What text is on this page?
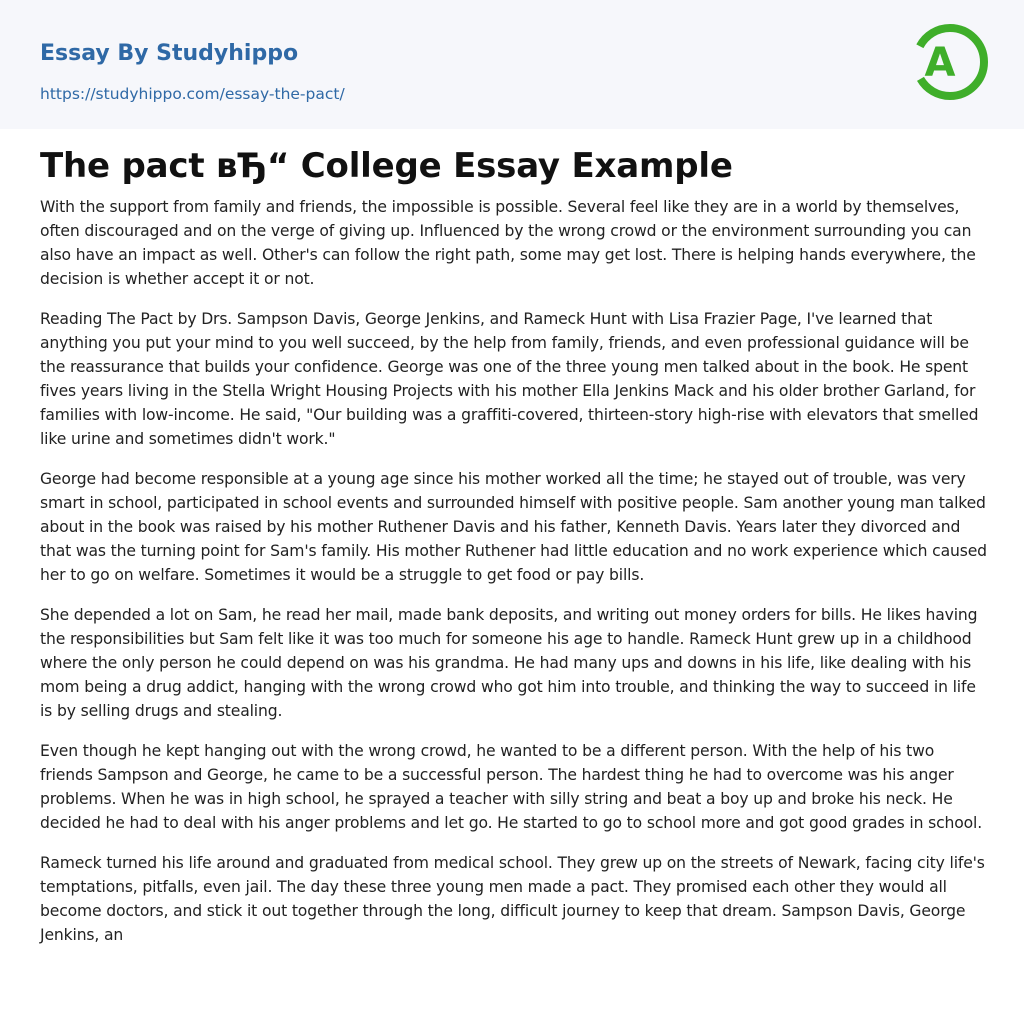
Essay By Studyhippo
https://studyhippo.com/essay-the-pact/
A
The pact вЂ“ College Essay Example

With the support from family and friends, the impossible is possible. Several feel like they are in a world by themselves, often discouraged and on the verge of giving up. Influenced by the wrong crowd or the environment surrounding you can also have an impact as well. Other's can follow the right path, some may get lost. There is helping hands everywhere, the decision is whether accept it or not.

Reading The Pact by Drs. Sampson Davis, George Jenkins, and Rameck Hunt with Lisa Frazier Page, I've learned that anything you put your mind to you well succeed, by the help from family, friends, and even professional guidance will be the reassurance that builds your confidence. George was one of the three young men talked about in the book. He spent fives years living in the Stella Wright Housing Projects with his mother Ella Jenkins Mack and his older brother Garland, for families with low-income. He said, "Our building was a graffiti-covered, thirteen-story high-rise with elevators that smelled like urine and sometimes didn't work."

George had become responsible at a young age since his mother worked all the time; he stayed out of trouble, was very smart in school, participated in school events and surrounded himself with positive people. Sam another young man talked about in the book was raised by his mother Ruthener Davis and his father, Kenneth Davis. Years later they divorced and that was the turning point for Sam's family. His mother Ruthener had little education and no work experience which caused her to go on welfare. Sometimes it would be a struggle to get food or pay bills.

She depended a lot on Sam, he read her mail, made bank deposits, and writing out money orders for bills. He likes having the responsibilities but Sam felt like it was too much for someone his age to handle. Rameck Hunt grew up in a childhood where the only person he could depend on was his grandma. He had many ups and downs in his life, like dealing with his mom being a drug addict, hanging with the wrong crowd who got him into trouble, and thinking the way to succeed in life is by selling drugs and stealing.

Even though he kept hanging out with the wrong crowd, he wanted to be a different person. With the help of his two friends Sampson and George, he came to be a successful person. The hardest thing he had to overcome was his anger problems. When he was in high school, he sprayed a teacher with silly string and beat a boy up and broke his neck. He decided he had to deal with his anger problems and let go. He started to go to school more and got good grades in school.

Rameck turned his life around and graduated from medical school. They grew up on the streets of Newark, facing city life's temptations, pitfalls, even jail. The day these three young men made a pact. They promised each other they would all become doctors, and stick it out together through the long, difficult journey to keep that dream. Sampson Davis, George Jenkins, an
